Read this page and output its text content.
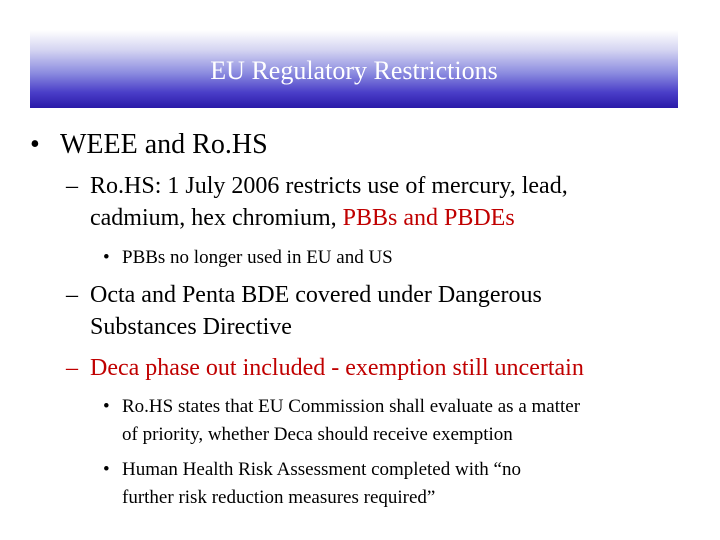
EU Regulatory Restrictions
• WEEE and Ro.HS
– Ro.HS: 1 July 2006 restricts use of mercury, lead,
cadmium, hex chromium, PBBs and PBDEs
• PBBs no longer used in EU and US
– Octa and Penta BDE covered under Dangerous
Substances Directive
– Deca phase out included - exemption still uncertain
• Ro.HS states that EU Commission shall evaluate as a matter
of priority, whether Deca should receive exemption
• Human Health Risk Assessment completed with “no
further risk reduction measures required”
